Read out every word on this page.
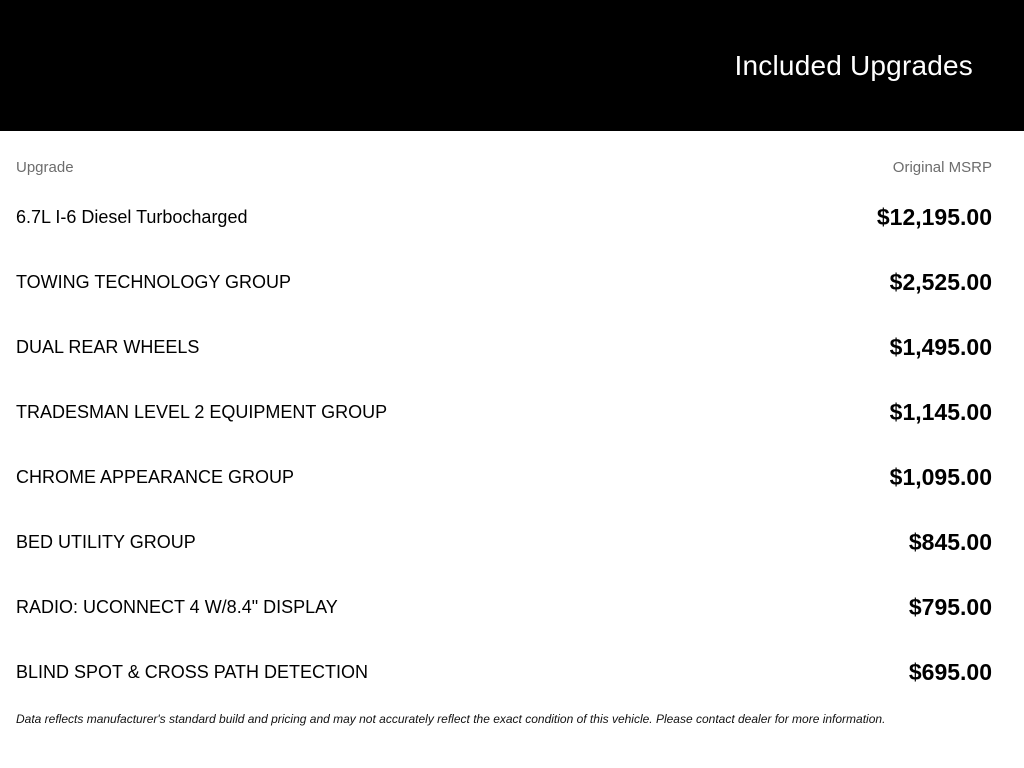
Included Upgrades
Upgrade	Original MSRP
6.7L I-6 Diesel Turbocharged	$12,195.00
TOWING TECHNOLOGY GROUP	$2,525.00
DUAL REAR WHEELS	$1,495.00
TRADESMAN LEVEL 2 EQUIPMENT GROUP	$1,145.00
CHROME APPEARANCE GROUP	$1,095.00
BED UTILITY GROUP	$845.00
RADIO: UCONNECT 4 W/8.4" DISPLAY	$795.00
BLIND SPOT & CROSS PATH DETECTION	$695.00
Data reflects manufacturer's standard build and pricing and may not accurately reflect the exact condition of this vehicle. Please contact dealer for more information.
